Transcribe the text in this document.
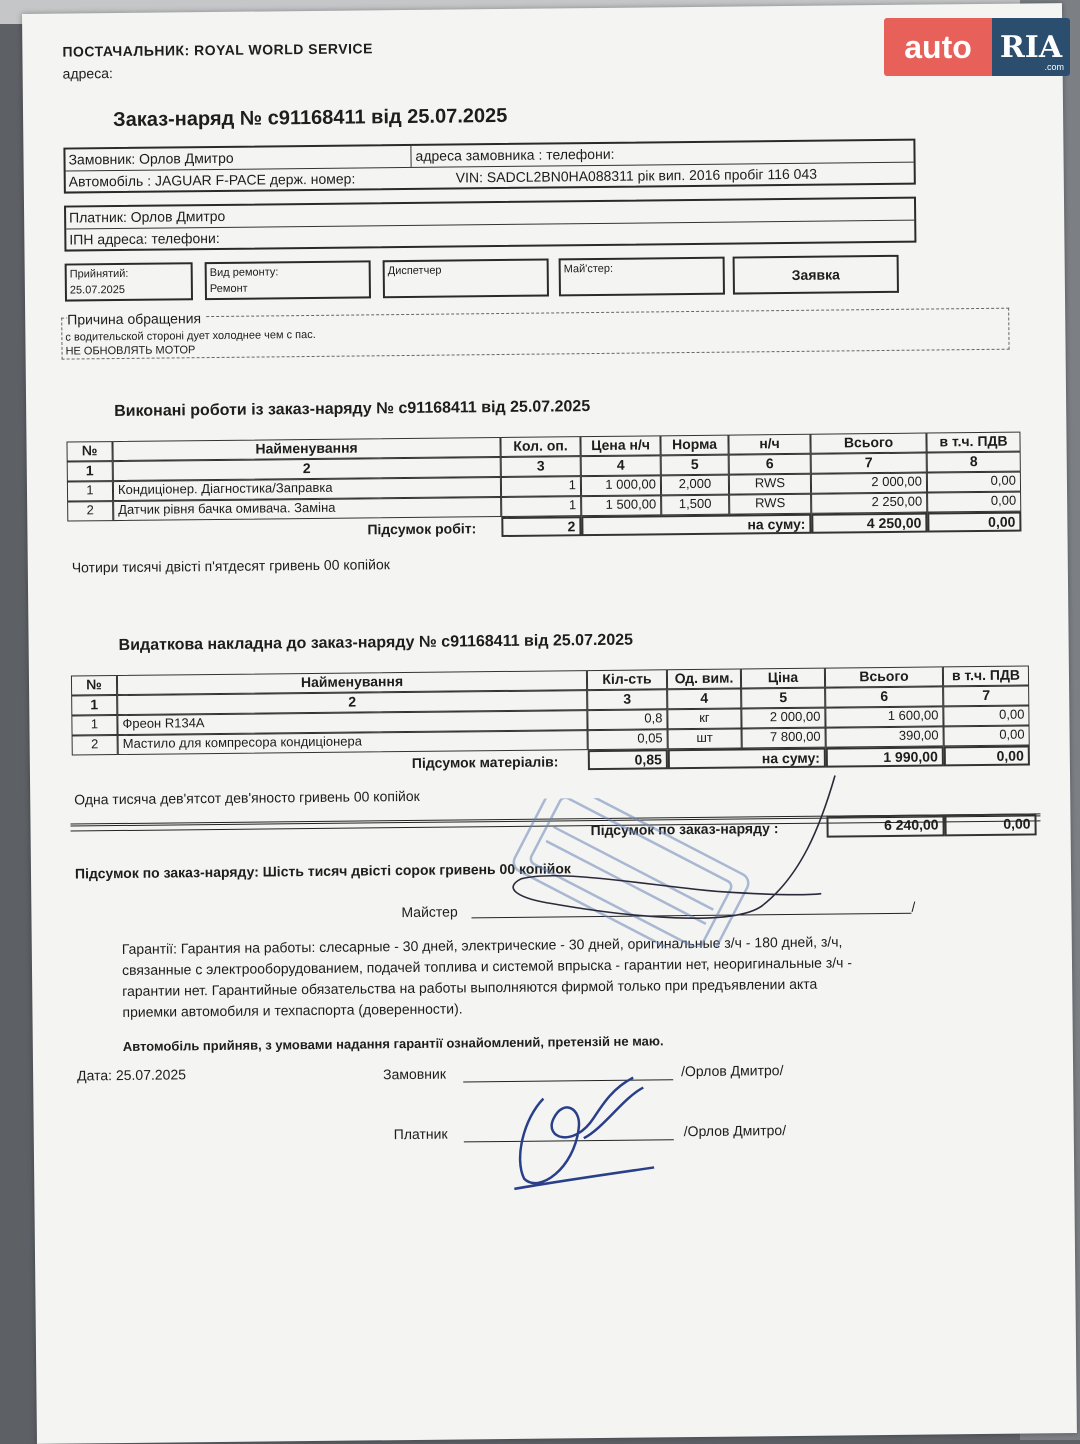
auto RIA
.com
ПОСТАЧАЛЬНИК: ROYAL WORLD SERVICE
адреса:
Заказ-наряд № с91168411 від 25.07.2025
Замовник: Орлов Дмитро	адреса замовника : телефони:
Автомобіль : JAGUAR F-PACE держ. номер:	VIN: SADCL2BN0HA088311 рік вип. 2016 пробіг 116 043
Платник: Орлов Дмитро
ІПН адреса: телефони:
Прийнятий:
25.07.2025
Вид ремонту:
Ремонт
Диспетчер	Май'стер:	Заявка
Причина обращения
с водительской стороні дует холоднее чем с пас.
НЕ ОБНОВЛЯТЬ МОТОР
Виконані роботи із заказ-наряду № с91168411 від 25.07.2025
№	Найменування	Кол. оп.	Цена н/ч	Норма	н/ч	Всього	в т.ч. ПДВ
1	2	3	4	5	6	7	8
1	Кондиціонер. Діагностика/Заправка	1	1 000,00	2,000	RWS	2 000,00	0,00
2	Датчик рівня бачка омивача. Заміна	1	1 500,00	1,500	RWS	2 250,00	0,00
Підсумок робіт:	2	на суму:	4 250,00	0,00
Чотири тисячі двісті п'ятдесят гривень 00 копійок
Видаткова накладна до заказ-наряду № с91168411 від 25.07.2025
№	Найменування	Кіл-сть	Од. вим.	Ціна	Всього	в т.ч. ПДВ
1	2	3	4	5	6	7
1	Фреон R134A	0,8	кг	2 000,00	1 600,00	0,00
2	Мастило для компресора кондиціонера	0,05	шт	7 800,00	390,00	0,00
Підсумок матеріалів:	0,85	на суму:	1 990,00	0,00
Одна тисяча дев'ятсот дев'яносто гривень 00 копійок
Підсумок по заказ-наряду :	6 240,00	0,00
Підсумок по заказ-наряду: Шість тисяч двісті сорок гривень 00 копійок
Майстер	/
Гарантії: Гарантия на работы: слесарные - 30 дней, электрические - 30 дней, оригинальные з/ч - 180 дней, з/ч,
связанные с электрооборудованием, подачей топлива и системой впрыска - гарантии нет, неоригинальные з/ч -
гарантии нет. Гарантийные обязательства на работы выполняются фирмой только при предъявлении акта
приемки автомобиля и техпаспорта (доверенности).
Автомобіль прийняв, з умовами надання гарантії ознайомлений, претензій не маю.
Дата: 25.07.2025	Замовник	/Орлов Дмитро/
Платник	/Орлов Дмитро/
